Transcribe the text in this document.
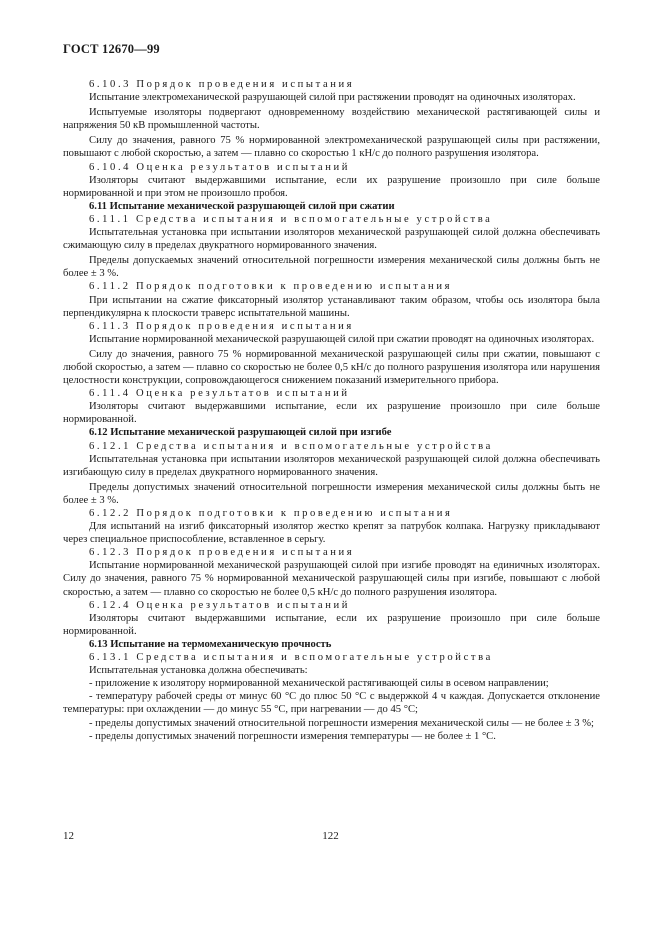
ГОСТ 12670—99

6.10.3 Порядок проведения испытания

Испытание электромеханической разрушающей силой при растяжении проводят на одиночных изоляторах.

Испытуемые изоляторы подвергают одновременному воздействию механической растягивающей силы и напряжения 50 кВ промышленной частоты.

Силу до значения, равного 75 % нормированной электромеханической разрушающей силы при растяжении, повышают с любой скоростью, а затем — плавно со скоростью 1 кН/с до полного разрушения изолятора.

6.10.4 Оценка результатов испытаний

Изоляторы считают выдержавшими испытание, если их разрушение произошло при силе больше нормированной и при этом не произошло пробоя.

6.11 Испытание механической разрушающей силой при сжатии

6.11.1 Средства испытания и вспомогательные устройства

Испытательная установка при испытании изоляторов механической разрушающей силой должна обеспечивать сжимающую силу в пределах двукратного нормированного значения.

Пределы допускаемых значений относительной погрешности измерения механической силы должны быть не более ± 3 %.

6.11.2 Порядок подготовки к проведению испытания

При испытании на сжатие фиксаторный изолятор устанавливают таким образом, чтобы ось изолятора была перпендикулярна к плоскости траверс испытательной машины.

6.11.3 Порядок проведения испытания

Испытание нормированной механической разрушающей силой при сжатии проводят на одиночных изоляторах.

Силу до значения, равного 75 % нормированной механической разрушающей силы при сжатии, повышают с любой скоростью, а затем — плавно со скоростью не более 0,5 кН/с до полного разрушения изолятора или нарушения целостности конструкции, сопровождающегося снижением показаний измерительного прибора.

6.11.4 Оценка результатов испытаний

Изоляторы считают выдержавшими испытание, если их разрушение произошло при силе больше нормированной.

6.12 Испытание механической разрушающей силой при изгибе

6.12.1 Средства испытания и вспомогательные устройства

Испытательная установка при испытании изоляторов механической разрушающей силой должна обеспечивать изгибающую силу в пределах двукратного нормированного значения.

Пределы допустимых значений относительной погрешности измерения механической силы должны быть не более ± 3 %.

6.12.2 Порядок подготовки к проведению испытания

Для испытаний на изгиб фиксаторный изолятор жестко крепят за патрубок колпака. Нагрузку прикладывают через специальное приспособление, вставленное в серьгу.

6.12.3 Порядок проведения испытания

Испытание нормированной механической разрушающей силой при изгибе проводят на единичных изоляторах. Силу до значения, равного 75 % нормированной механической разрушающей силы при изгибе, повышают с любой скоростью, а затем — плавно со скоростью не более 0,5 кН/с до полного разрушения изолятора.

6.12.4 Оценка результатов испытаний

Изоляторы считают выдержавшими испытание, если их разрушение произошло при силе больше нормированной.

6.13 Испытание на термомеханическую прочность

6.13.1 Средства испытания и вспомогательные устройства

Испытательная установка должна обеспечивать:

- приложение к изолятору нормированной механической растягивающей силы в осевом направлении;

- температуру рабочей среды от минус 60 °С до плюс 50 °С с выдержкой 4 ч каждая. Допускается отклонение температуры: при охлаждении — до минус 55 °С, при нагревании — до 45 °С;

- пределы допустимых значений относительной погрешности измерения механической силы — не более ± 3 %;

- пределы допустимых значений погрешности измерения температуры — не более ± 1 °С.

12	122
